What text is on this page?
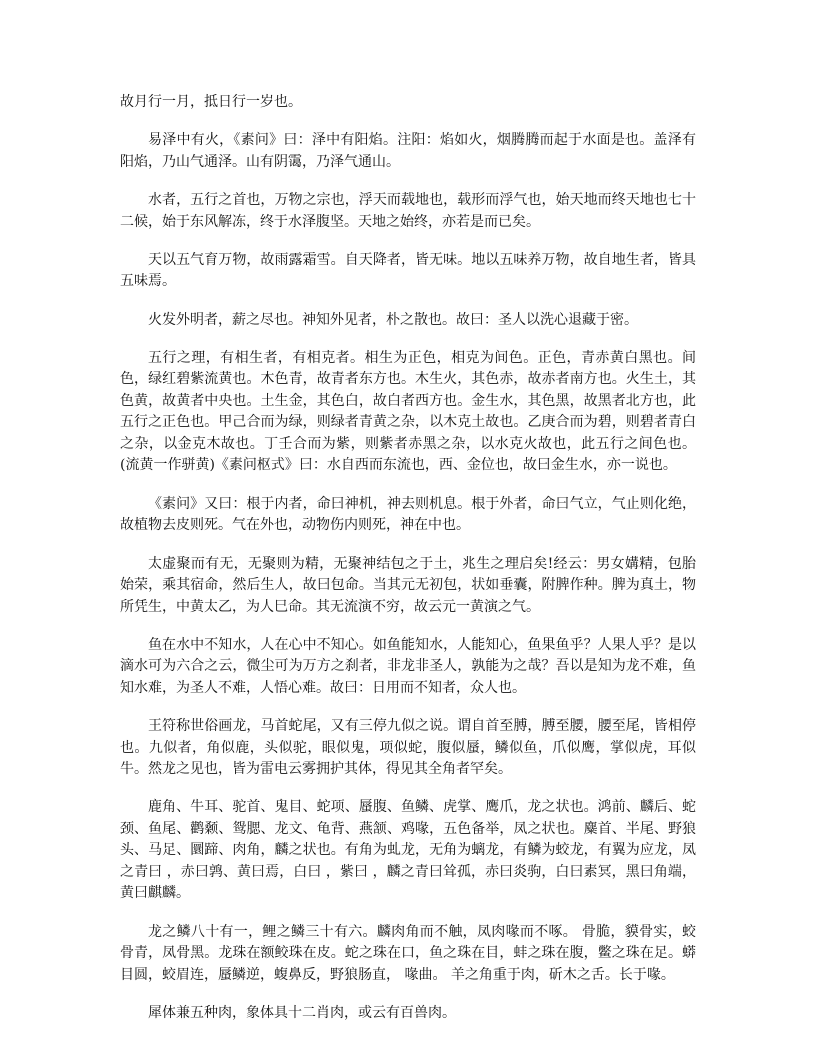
故月行一月，抵日行一岁也。

易泽中有火，《素问》曰：泽中有阳焰。注阳：焰如火，烟腾腾而起于水面是也。盖泽有阳焰，乃山气通泽。山有阴霭，乃泽气通山。

水者，五行之首也，万物之宗也，浮天而载地也，载形而浮气也，始天地而终天地也七十二候，始于东风解冻，终于水泽腹坚。天地之始终，亦若是而已矣。

天以五气育万物，故雨露霜雪。自天降者，皆无味。地以五味养万物，故自地生者，皆具五味焉。

火发外明者，薪之尽也。神知外见者，朴之散也。故曰：圣人以洗心退藏于密。

五行之理，有相生者，有相克者。相生为正色，相克为间色。正色，青赤黄白黑也。间色，绿红碧紫流黄也。木色青，故青者东方也。木生火，其色赤，故赤者南方也。火生土，其色黄，故黄者中央也。土生金，其色白，故白者西方也。金生水，其色黑，故黑者北方也，此五行之正色也。甲己合而为绿，则绿者青黄之杂，以木克土故也。乙庚合而为碧，则碧者青白之杂，以金克木故也。丁壬合而为紫，则紫者赤黑之杂，以水克火故也，此五行之间色也。(流黄一作骈黄)《素问枢式》曰：水自西而东流也，西、金位也，故曰金生水，亦一说也。

《素问》又曰：根于内者，命曰神机，神去则机息。根于外者，命曰气立，气止则化绝，故植物去皮则死。气在外也，动物伤内则死，神在中也。

太虚聚而有无，无聚则为精，无聚神结包之于土，兆生之理启矣!经云：男女媾精，包胎始荣，乘其宿命，然后生人，故曰包命。当其元无初包，状如垂囊，附脾作种。脾为真土，物所凭生，中黄太乙，为人巳命。其无流演不穷，故云元一黄演之气。

鱼在水中不知水，人在心中不知心。如鱼能知水，人能知心，鱼果鱼乎？人果人乎？是以滴水可为六合之云，微尘可为万方之刹者，非龙非圣人，孰能为之哉？吾以是知为龙不难，鱼知水难，为圣人不难，人悟心难。故曰：日用而不知者，众人也。

王符称世俗画龙，马首蛇尾，又有三停九似之说。谓自首至膊，膊至腰，腰至尾，皆相停也。九似者，角似鹿，头似驼，眼似鬼，项似蛇，腹似蜃，鳞似鱼，爪似鹰，掌似虎，耳似牛。然龙之见也，皆为雷电云雾拥护其体，得见其全角者罕矣。

鹿角、牛耳、驼首、鬼目、蛇项、蜃腹、鱼鳞、虎掌、鹰爪，龙之状也。鸿前、麟后、蛇颈、鱼尾、鹳颡、鸳腮、龙文、龟背、燕颔、鸡喙，五色备举，凤之状也。麋首、半尾、野狼头、马足、圜蹄、肉角，麟之状也。有角为虬龙，无角为螭龙，有鳞为蛟龙，有翼为应龙，凤之青曰 ，赤曰鹑、黄曰焉，白曰 ，紫曰 ，麟之青曰耸孤，赤曰炎驹，白曰素冥，黑曰角端，黄曰麒麟。

龙之鳞八十有一，鲤之鳞三十有六。麟肉角而不触，凤肉喙而不啄。 骨脆，貘骨实，蛟骨青，凤骨黑。龙珠在额鲛珠在皮。蛇之珠在口，鱼之珠在目，蚌之珠在腹，鳖之珠在足。蟒目圆，蛟眉连，蜃鳞逆，蝮鼻反，野狼肠直， 喙曲。 羊之角重于肉，斫木之舌。长于喙。

犀体兼五种肉，象体具十二肖肉，或云有百兽肉。
